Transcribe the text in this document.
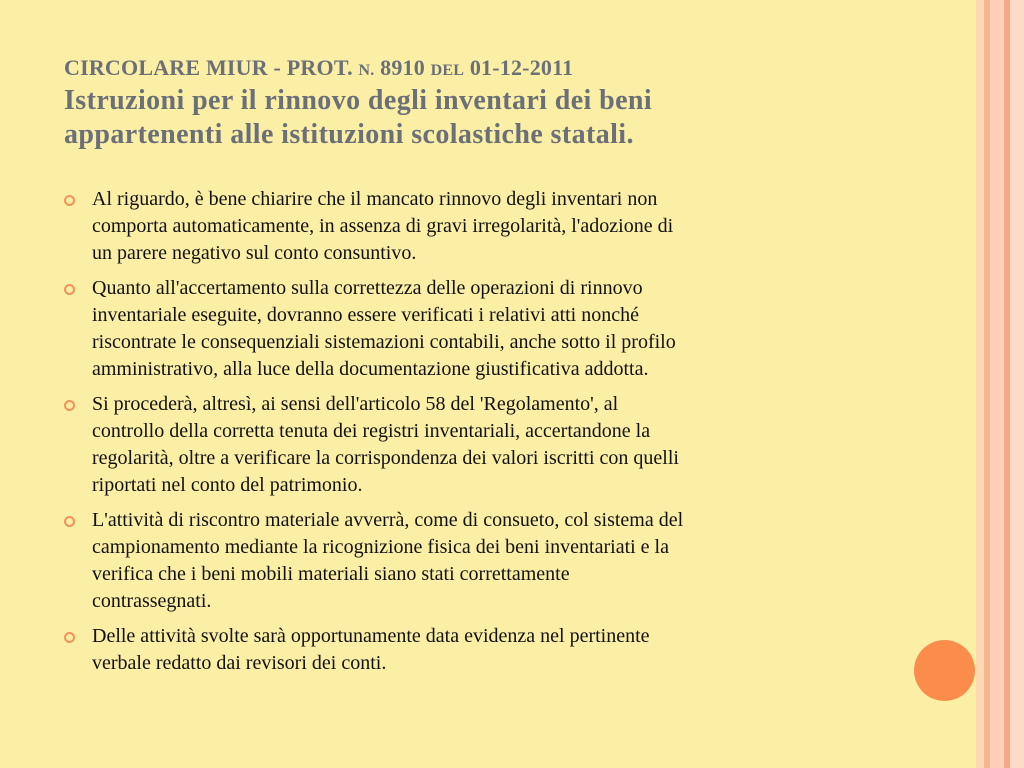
CIRCOLARE MIUR - PROT. N. 8910 DEL 01-12-2011
Istruzioni per il rinnovo degli inventari dei beni
appartenenti alle istituzioni scolastiche statali.
Al riguardo, è bene chiarire che il mancato rinnovo degli inventari non
comporta automaticamente, in assenza di gravi irregolarità, l'adozione di
un parere negativo sul conto consuntivo.
Quanto all'accertamento sulla correttezza delle operazioni di rinnovo
inventariale eseguite, dovranno essere verificati i relativi atti nonché
riscontrate le consequenziali sistemazioni contabili, anche sotto il profilo
amministrativo, alla luce della documentazione giustificativa addotta.
Si procederà, altresì, ai sensi dell'articolo 58 del 'Regolamento', al
controllo della corretta tenuta dei registri inventariali, accertandone la
regolarità, oltre a verificare la corrispondenza dei valori iscritti con quelli
riportati nel conto del patrimonio.
L'attività di riscontro materiale avverrà, come di consueto, col sistema del
campionamento mediante la ricognizione fisica dei beni inventariati e la
verifica che i beni mobili materiali siano stati correttamente
contrassegnati.
Delle attività svolte sarà opportunamente data evidenza nel pertinente
verbale redatto dai revisori dei conti.
